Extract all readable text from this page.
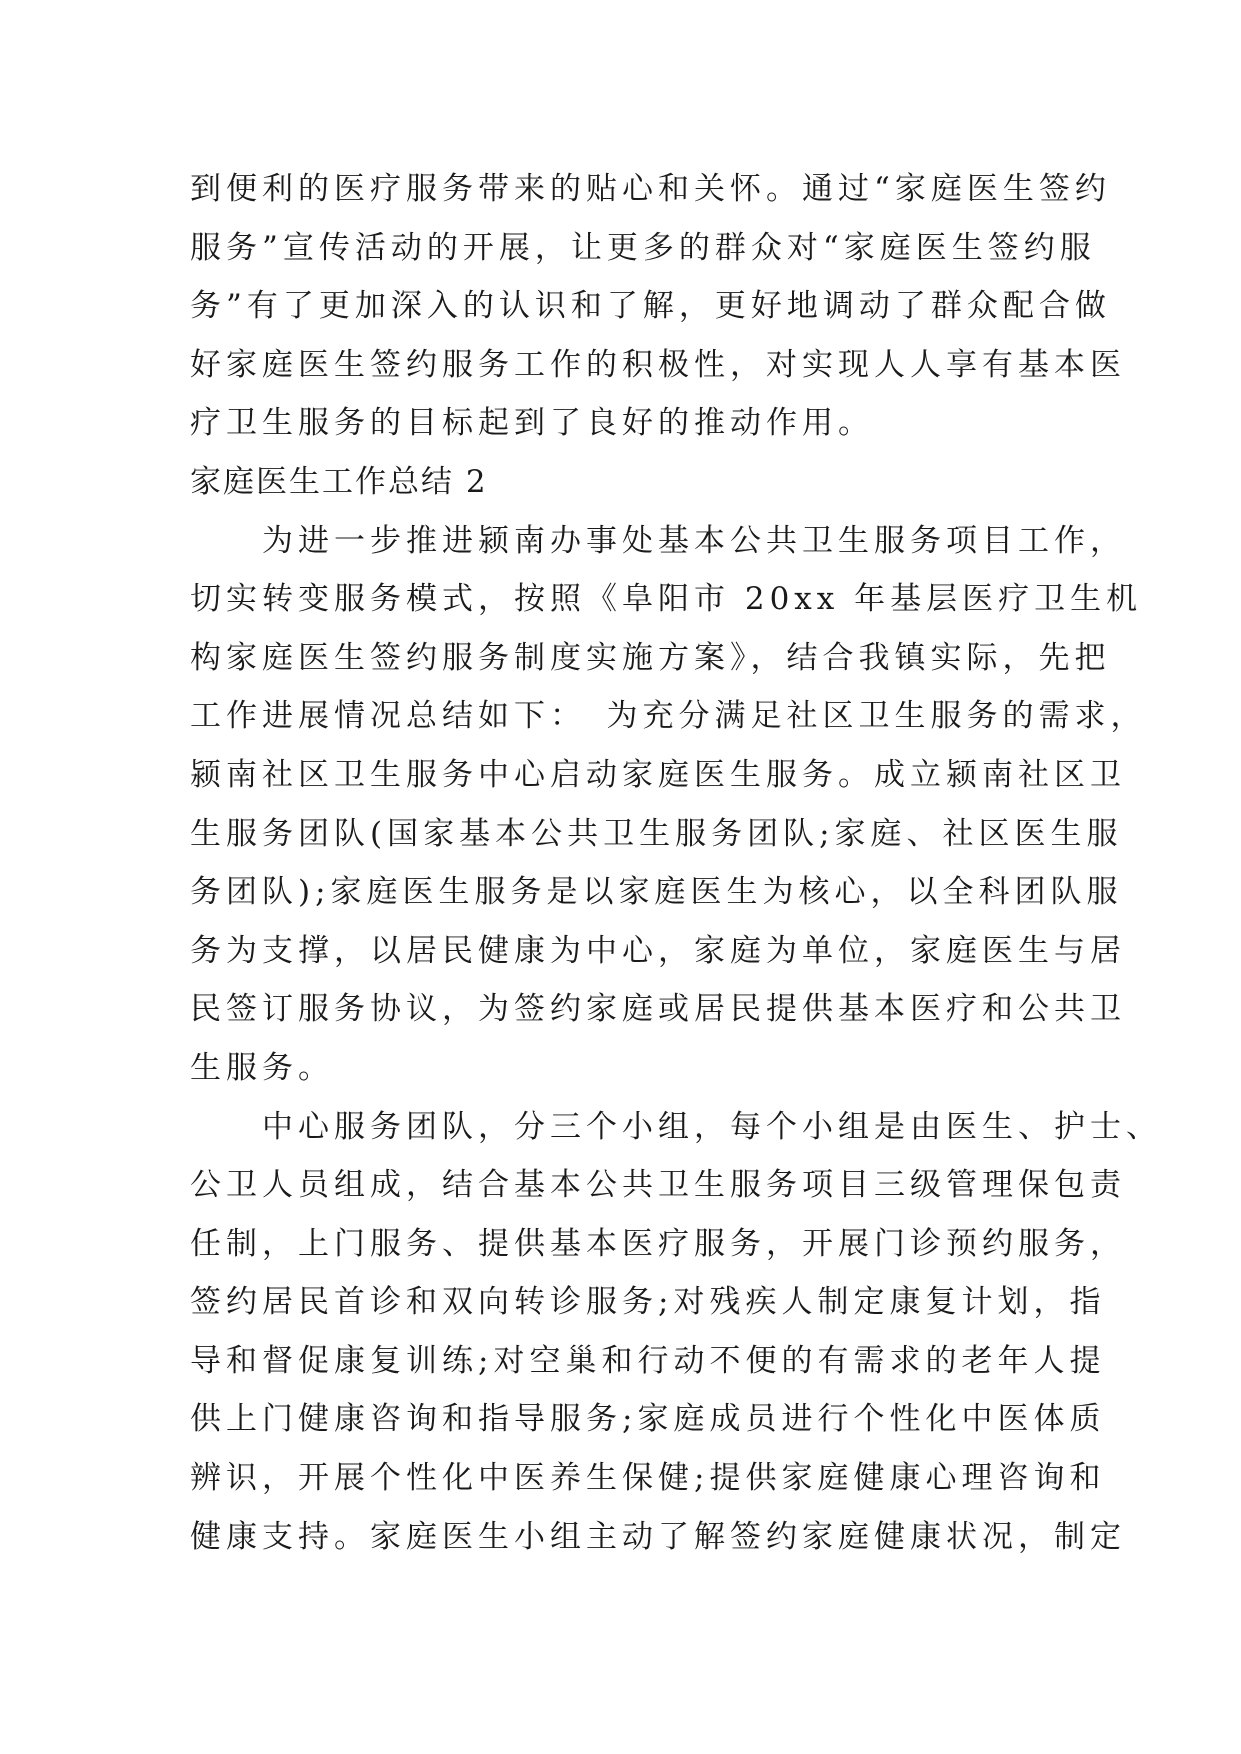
到便利的医疗服务带来的贴心和关怀。通过“家庭医生签约
服务”宣传活动的开展，让更多的群众对“家庭医生签约服
务”有了更加深入的认识和了解，更好地调动了群众配合做
好家庭医生签约服务工作的积极性，对实现人人享有基本医
疗卫生服务的目标起到了良好的推动作用。
家庭医生工作总结 2
　　为进一步推进颍南办事处基本公共卫生服务项目工作，
切实转变服务模式，按照《阜阳市 20xx 年基层医疗卫生机
构家庭医生签约服务制度实施方案》，结合我镇实际，先把
工作进展情况总结如下：　为充分满足社区卫生服务的需求，
颍南社区卫生服务中心启动家庭医生服务。成立颍南社区卫
生服务团队(国家基本公共卫生服务团队;家庭、社区医生服
务团队);家庭医生服务是以家庭医生为核心，以全科团队服
务为支撑，以居民健康为中心，家庭为单位，家庭医生与居
民签订服务协议，为签约家庭或居民提供基本医疗和公共卫
生服务。
　　中心服务团队，分三个小组，每个小组是由医生、护士、
公卫人员组成，结合基本公共卫生服务项目三级管理保包责
任制，上门服务、提供基本医疗服务，开展门诊预约服务，
签约居民首诊和双向转诊服务;对残疾人制定康复计划，指
导和督促康复训练;对空巢和行动不便的有需求的老年人提
供上门健康咨询和指导服务;家庭成员进行个性化中医体质
辨识，开展个性化中医养生保健;提供家庭健康心理咨询和
健康支持。家庭医生小组主动了解签约家庭健康状况，制定
